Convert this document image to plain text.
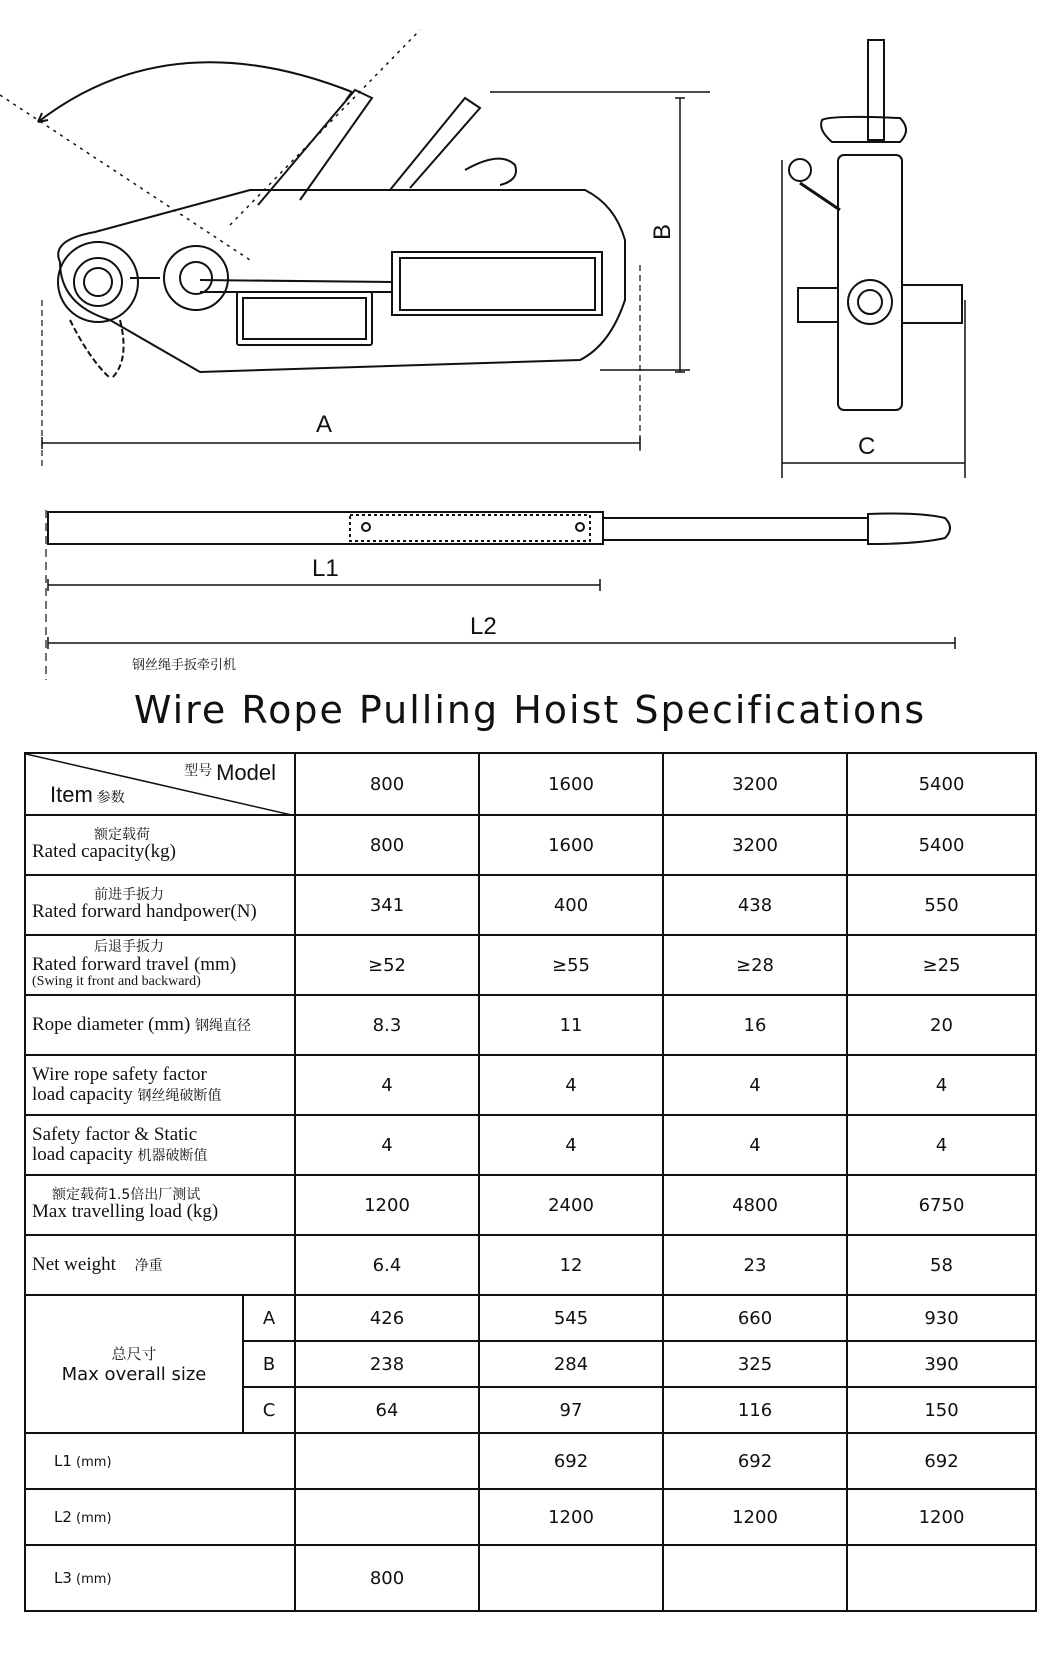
A
B
C
L1
L2
钢丝绳手扳牵引机
Wire Rope Pulling Hoist Specifications
$^{型号}$ Model
Item 参数		800	1600	3200	5400

额定载荷
Rated capacity(kg)		800	1600	3200	5400

前进手扳力
Rated forward handpower(N)		341	400	438	550

后退手扳力
Rated forward travel (mm)
(Swing it front and backward)		≥52	≥55	≥28	≥25
Rope diameter (mm) 钢绳直径		8.3	11	16	20
Wire rope safety factor
load capacity 钢丝绳破断值		4	4	4	4
Safety factor & Static
load capacity 机器破断值		4	4	4	4

额定载荷1.5倍出厂测试
Max travelling load (kg)		1200	2400	4800	6750
Net weight 净重		6.4	12	23	58

总尺寸
Max overall size	A	426	545	660	930
	B	238	284	325	390
	C	64	97	116	150
L1 (mm)			692	692	692
L2 (mm)			1200	1200	1200
L3 (mm)		800			
